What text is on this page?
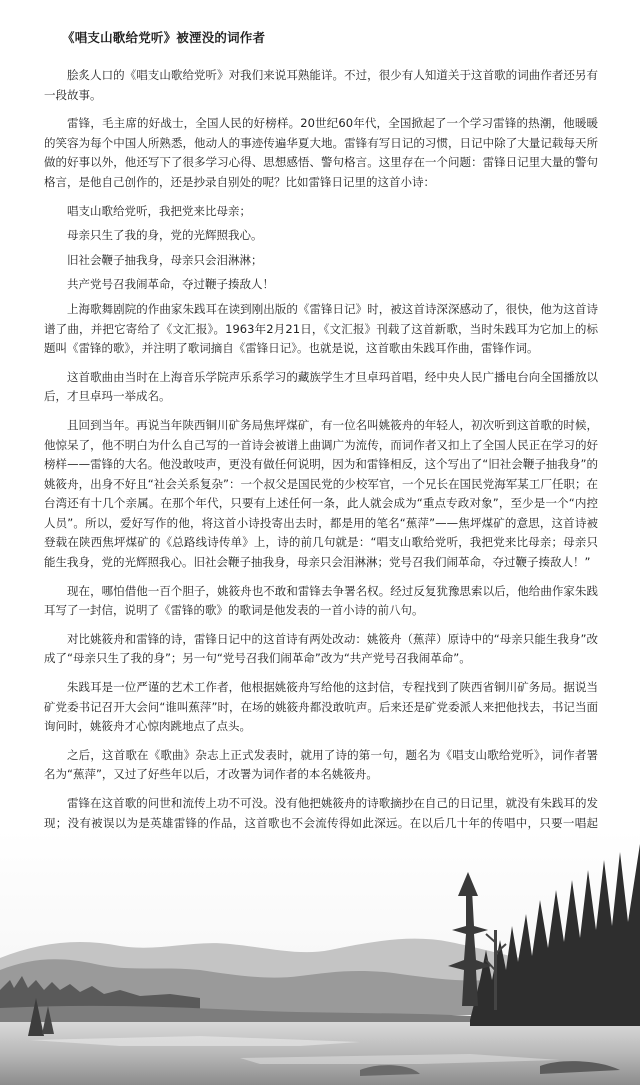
《唱支山歌给党听》被湮没的词作者

脍炙人口的《唱支山歌给党听》对我们来说耳熟能详。不过，很少有人知道关于这首歌的词曲作者还另有一段故事。

雷锋，毛主席的好战士，全国人民的好榜样。20世纪60年代，全国掀起了一个学习雷锋的热潮，他暖暖的笑容为每个中国人所熟悉，他动人的事迹传遍华夏大地。雷锋有写日记的习惯，日记中除了大量记载每天所做的好事以外，他还写下了很多学习心得、思想感悟、警句格言。这里存在一个问题：雷锋日记里大量的警句格言，是他自己创作的，还是抄录自别处的呢？比如雷锋日记里的这首小诗：

唱支山歌给党听，我把党来比母亲；

母亲只生了我的身，党的光辉照我心。

旧社会鞭子抽我身，母亲只会泪淋淋；

共产党号召我闹革命，夺过鞭子揍敌人！

上海歌舞剧院的作曲家朱践耳在读到刚出版的《雷锋日记》时，被这首诗深深感动了，很快，他为这首诗谱了曲，并把它寄给了《文汇报》。1963年2月21日，《文汇报》刊载了这首新歌，当时朱践耳为它加上的标题叫《雷锋的歌》，并注明了歌词摘自《雷锋日记》。也就是说，这首歌由朱践耳作曲，雷锋作词。

这首歌曲由当时在上海音乐学院声乐系学习的藏族学生才旦卓玛首唱，经中央人民广播电台向全国播放以后，才旦卓玛一举成名。

且回到当年。再说当年陕西铜川矿务局焦坪煤矿，有一位名叫姚筱舟的年轻人，初次听到这首歌的时候，他惊呆了，他不明白为什么自己写的一首诗会被谱上曲调广为流传，而词作者又扣上了全国人民正在学习的好榜样——雷锋的大名。他没敢吱声，更没有做任何说明，因为和雷锋相反，这个写出了“旧社会鞭子抽我身”的姚筱舟，出身不好且“社会关系复杂”：一个叔父是国民党的少校军官，一个兄长在国民党海军某工厂任职；在台湾还有十几个亲属。在那个年代，只要有上述任何一条，此人就会成为“重点专政对象”，至少是一个“内控人员”。所以，爱好写作的他，将这首小诗投寄出去时，都是用的笔名“蕉萍”——焦坪煤矿的意思，这首诗被登载在陕西焦坪煤矿的《总路线诗传单》上，诗的前几句就是：“唱支山歌给党听，我把党来比母亲；母亲只能生我身，党的光辉照我心。旧社会鞭子抽我身，母亲只会泪淋淋；党号召我们闹革命，夺过鞭子揍敌人！”

现在，哪怕借他一百个胆子，姚筱舟也不敢和雷锋去争署名权。经过反复犹豫思索以后，他给曲作家朱践耳写了一封信，说明了《雷锋的歌》的歌词是他发表的一首小诗的前八句。

对比姚筱舟和雷锋的诗，雷锋日记中的这首诗有两处改动：姚筱舟（蕉萍）原诗中的“母亲只能生我身”改成了“母亲只生了我的身”；另一句“党号召我们闹革命”改为“共产党号召我闹革命”。

朱践耳是一位严谨的艺术工作者，他根据姚筱舟写给他的这封信，专程找到了陕西省铜川矿务局。据说当矿党委书记召开大会问“谁叫蕉萍”时，在场的姚筱舟都没敢吭声。后来还是矿党委派人来把他找去，书记当面询问时，姚筱舟才心惊肉跳地点了点头。

之后，这首歌在《歌曲》杂志上正式发表时，就用了诗的第一句，题名为《唱支山歌给党听》，词作者署名为“蕉萍”，又过了好些年以后，才改署为词作者的本名姚筱舟。

雷锋在这首歌的问世和流传上功不可没。没有他把姚筱舟的诗歌摘抄在自己的日记里，就没有朱践耳的发现；没有被误以为是英雄雷锋的作品，这首歌也不会流传得如此深远。在以后几十年的传唱中，只要一唱起
